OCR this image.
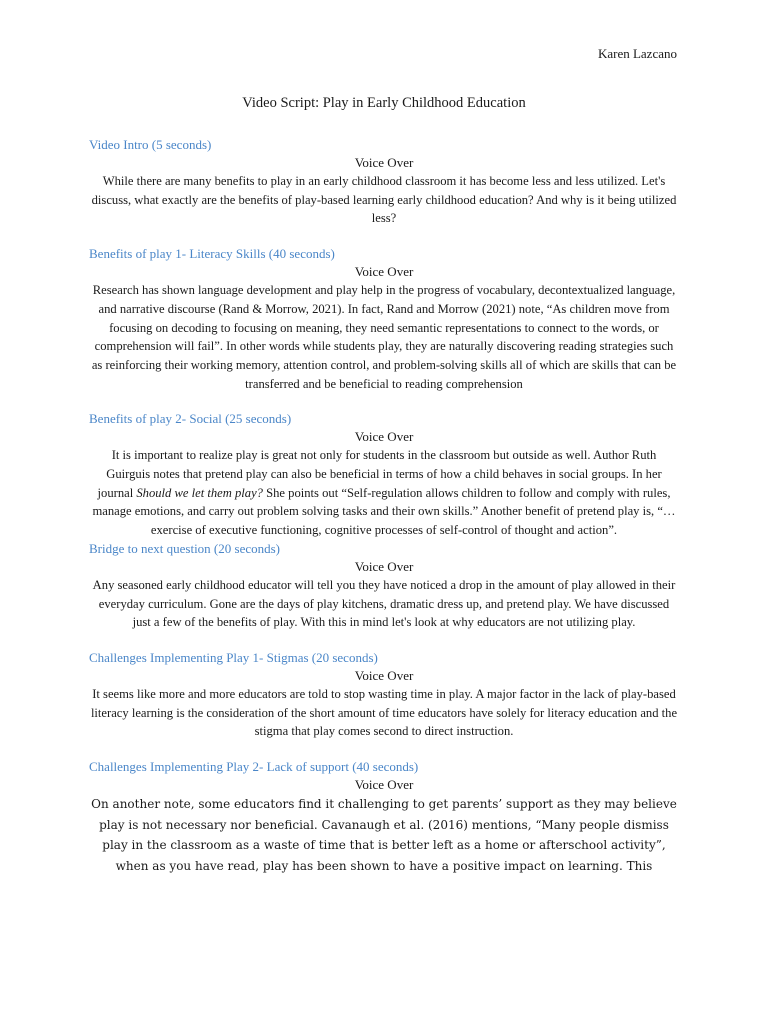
Karen Lazcano
Video Script: Play in Early Childhood Education

Video Intro (5 seconds)

Voice Over

While there are many benefits to play in an early childhood classroom it has become less and less utilized. Let's discuss, what exactly are the benefits of play-based learning early childhood education? And why is it being utilized less?

Benefits of play 1- Literacy Skills (40 seconds)

Voice Over

Research has shown language development and play help in the progress of vocabulary, decontextualized language, and narrative discourse (Rand & Morrow, 2021). In fact, Rand and Morrow (2021) note, “As children move from focusing on decoding to focusing on meaning, they need semantic representations to connect to the words, or comprehension will fail”. In other words while students play, they are naturally discovering reading strategies such as reinforcing their working memory, attention control, and problem-solving skills all of which are skills that can be transferred and be beneficial to reading comprehension

Benefits of play 2- Social (25 seconds)

Voice Over

It is important to realize play is great not only for students in the classroom but outside as well. Author Ruth Guirguis notes that pretend play can also be beneficial in terms of how a child behaves in social groups. In her journal Should we let them play? She points out “Self-regulation allows children to follow and comply with rules, manage emotions, and carry out problem solving tasks and their own skills.” Another benefit of pretend play is, “…exercise of executive functioning, cognitive processes of self-control of thought and action”.

Bridge to next question (20 seconds)

Voice Over

Any seasoned early childhood educator will tell you they have noticed a drop in the amount of play allowed in their everyday curriculum. Gone are the days of play kitchens, dramatic dress up, and pretend play. We have discussed just a few of the benefits of play. With this in mind let's look at why educators are not utilizing play.

Challenges Implementing Play 1- Stigmas (20 seconds)

Voice Over

It seems like more and more educators are told to stop wasting time in play. A major factor in the lack of play-based literacy learning is the consideration of the short amount of time educators have solely for literacy education and the stigma that play comes second to direct instruction.

Challenges Implementing Play 2- Lack of support (40 seconds)

Voice Over

On another note, some educators find it challenging to get parents’ support as they may believe play is not necessary nor beneficial. Cavanaugh et al. (2016) mentions, “Many people dismiss play in the classroom as a waste of time that is better left as a home or afterschool activity”, when as you have read, play has been shown to have a positive impact on learning. This
